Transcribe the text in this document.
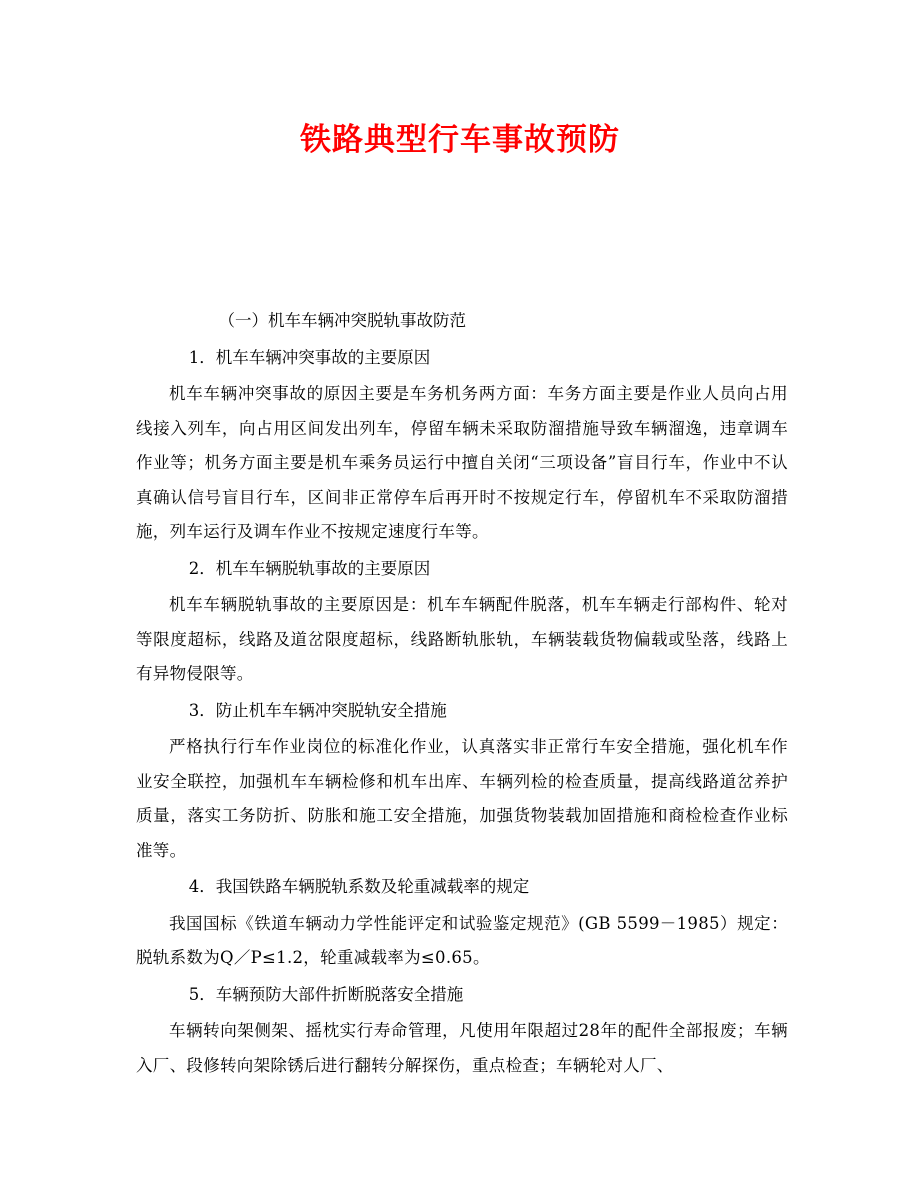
铁路典型行车事故预防

（一）机车车辆冲突脱轨事故防范

1．机车车辆冲突事故的主要原因

机车车辆冲突事故的原因主要是车务机务两方面：车务方面主要是作业人员向占用线接入列车，向占用区间发出列车，停留车辆未采取防溜措施导致车辆溜逸，违章调车作业等；机务方面主要是机车乘务员运行中擅自关闭“三项设备”盲目行车，作业中不认真确认信号盲目行车，区间非正常停车后再开时不按规定行车，停留机车不采取防溜措施，列车运行及调车作业不按规定速度行车等。

2．机车车辆脱轨事故的主要原因

机车车辆脱轨事故的主要原因是：机车车辆配件脱落，机车车辆走行部构件、轮对等限度超标，线路及道岔限度超标，线路断轨胀轨，车辆装载货物偏载或坠落，线路上有异物侵限等。

3．防止机车车辆冲突脱轨安全措施

严格执行行车作业岗位的标准化作业，认真落实非正常行车安全措施，强化机车作业安全联控，加强机车车辆检修和机车出库、车辆列检的检查质量，提高线路道岔养护质量，落实工务防折、防胀和施工安全措施，加强货物装载加固措施和商检检查作业标准等。

4．我国铁路车辆脱轨系数及轮重减载率的规定

我国国标《铁道车辆动力学性能评定和试验鉴定规范》(GB 5599－1985）规定：脱轨系数为Q／P≤1.2，轮重减载率为≤0.65。

5．车辆预防大部件折断脱落安全措施

车辆转向架侧架、摇枕实行寿命管理，凡使用年限超过28年的配件全部报废；车辆入厂、段修转向架除锈后进行翻转分解探伤，重点检查；车辆轮对人厂、
